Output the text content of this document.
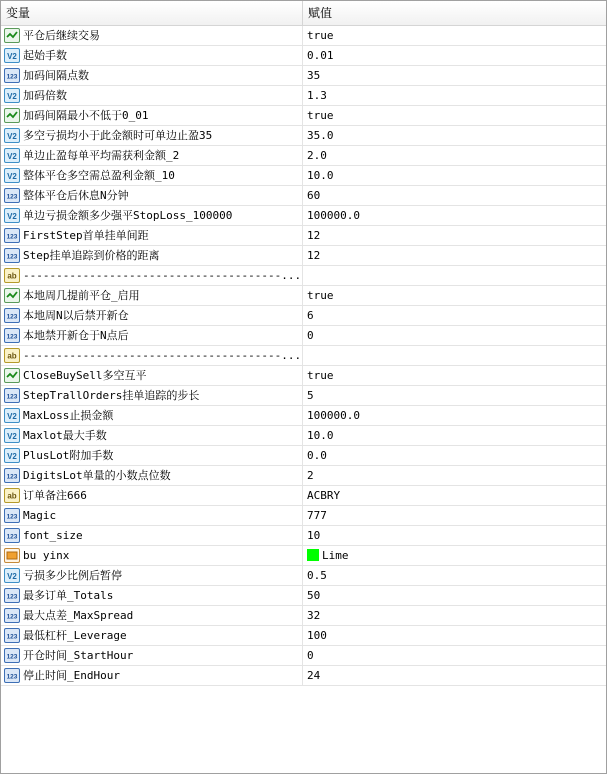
变量	赋值
平仓后继续交易	true
V2 起始手数	0.01
123 加码间隔点数	35
V2 加码倍数	1.3
加码间隔最小不低于0_01	true
V2 多空亏损均小于此金额时可单边止盈35	35.0
V2 单边止盈每单平均需获利金额_2	2.0
V2 整体平仓多空需总盈利金额_10	10.0
123 整体平仓后休息N分钟	60
V2 单边亏损金额多少强平StopLoss_100000	100000.0
123 FirstStep首单挂单间距	12
123 Step挂单追踪到价格的距离	12
ab ---------------------------------------...
本地周几提前平仓_启用	true
123 本地周N以后禁开新仓	6
123 本地禁开新仓于N点后	0
ab ---------------------------------------...
CloseBuySell多空互平	true
123 StepTrallOrders挂单追踪的步长	5
V2 MaxLoss止损金额	100000.0
V2 Maxlot最大手数	10.0
V2 PlusLot附加手数	0.0
123 DigitsLot单量的小数点位数	2
ab 订单备注666	ACBRY
123 Magic	777
123 font_size	10
bu yinx	Lime
V2 亏损多少比例后暂停	0.5
123 最多订单_Totals	50
123 最大点差_MaxSpread	32
123 最低杠杆_Leverage	100
123 开仓时间_StartHour	0
123 停止时间_EndHour	24
